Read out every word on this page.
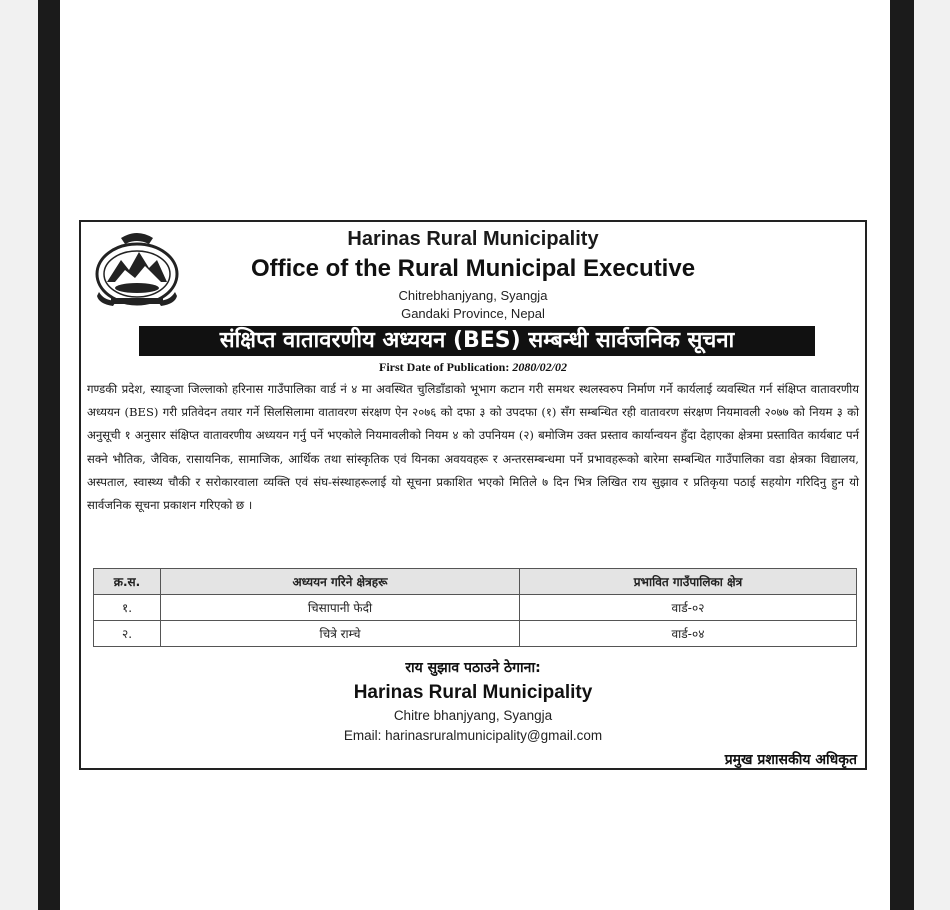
Harinas Rural Municipality
Office of the Rural Municipal Executive
Chitrebhanjyang, Syangja
Gandaki Province, Nepal
संक्षिप्त वातावरणीय अध्ययन (BES) सम्बन्धी सार्वजनिक सूचना
First Date of Publication: 2080/02/02

गण्डकी प्रदेश, स्याङ्जा जिल्लाको हरिनास गाउँपालिका वार्ड नं ४ मा अवस्थित चुलिडाँडाको भूभाग कटान गरी समथर स्थलस्वरुप निर्माण गर्ने कार्यलाई व्यवस्थित गर्न संक्षिप्त वातावरणीय अध्ययन (BES) गरी प्रतिवेदन तयार गर्ने सिलसिलामा वातावरण संरक्षण ऐन २०७६ को दफा ३ को उपदफा (१) सँग सम्बन्धित रही वातावरण संरक्षण नियमावली २०७७ को नियम ३ को अनुसूची १ अनुसार संक्षिप्त वातावरणीय अध्ययन गर्नु पर्ने भएकोले नियमावलीको नियम ४ को उपनियम (२) बमोजिम उक्त प्रस्ताव कार्यान्वयन हुँदा देहाएका क्षेत्रमा प्रस्तावित कार्यबाट पर्न सक्ने भौतिक, जैविक, रासायनिक, सामाजिक, आर्थिक तथा सांस्कृतिक एवं यिनका अवयवहरू र अन्तरसम्बन्धमा पर्ने प्रभावहरूको बारेमा सम्बन्धित गाउँपालिका वडा क्षेत्रका विद्यालय, अस्पताल, स्वास्थ्य चौकी र सरोकारवाला व्यक्ति एवं संघ-संस्थाहरूलाई यो सूचना प्रकाशित भएको मितिले ७ दिन भित्र लिखित राय सुझाव र प्रतिकृया पठाई सहयोग गरिदिनु हुन यो सार्वजनिक सूचना प्रकाशन गरिएको छ ।

क्र.स.	अध्ययन गरिने क्षेत्रहरू	प्रभावित गाउँपालिका क्षेत्र
१.	चिसापानी फेदी	वार्ड-०२
२.	चित्रे राम्चे	वार्ड-०४
राय सुझाव पठाउने ठेगाना:
Harinas Rural Municipality
Chitre bhanjyang, Syangja
Email: harinasruralmunicipality@gmail.com
प्रमुख प्रशासकीय अधिकृत
